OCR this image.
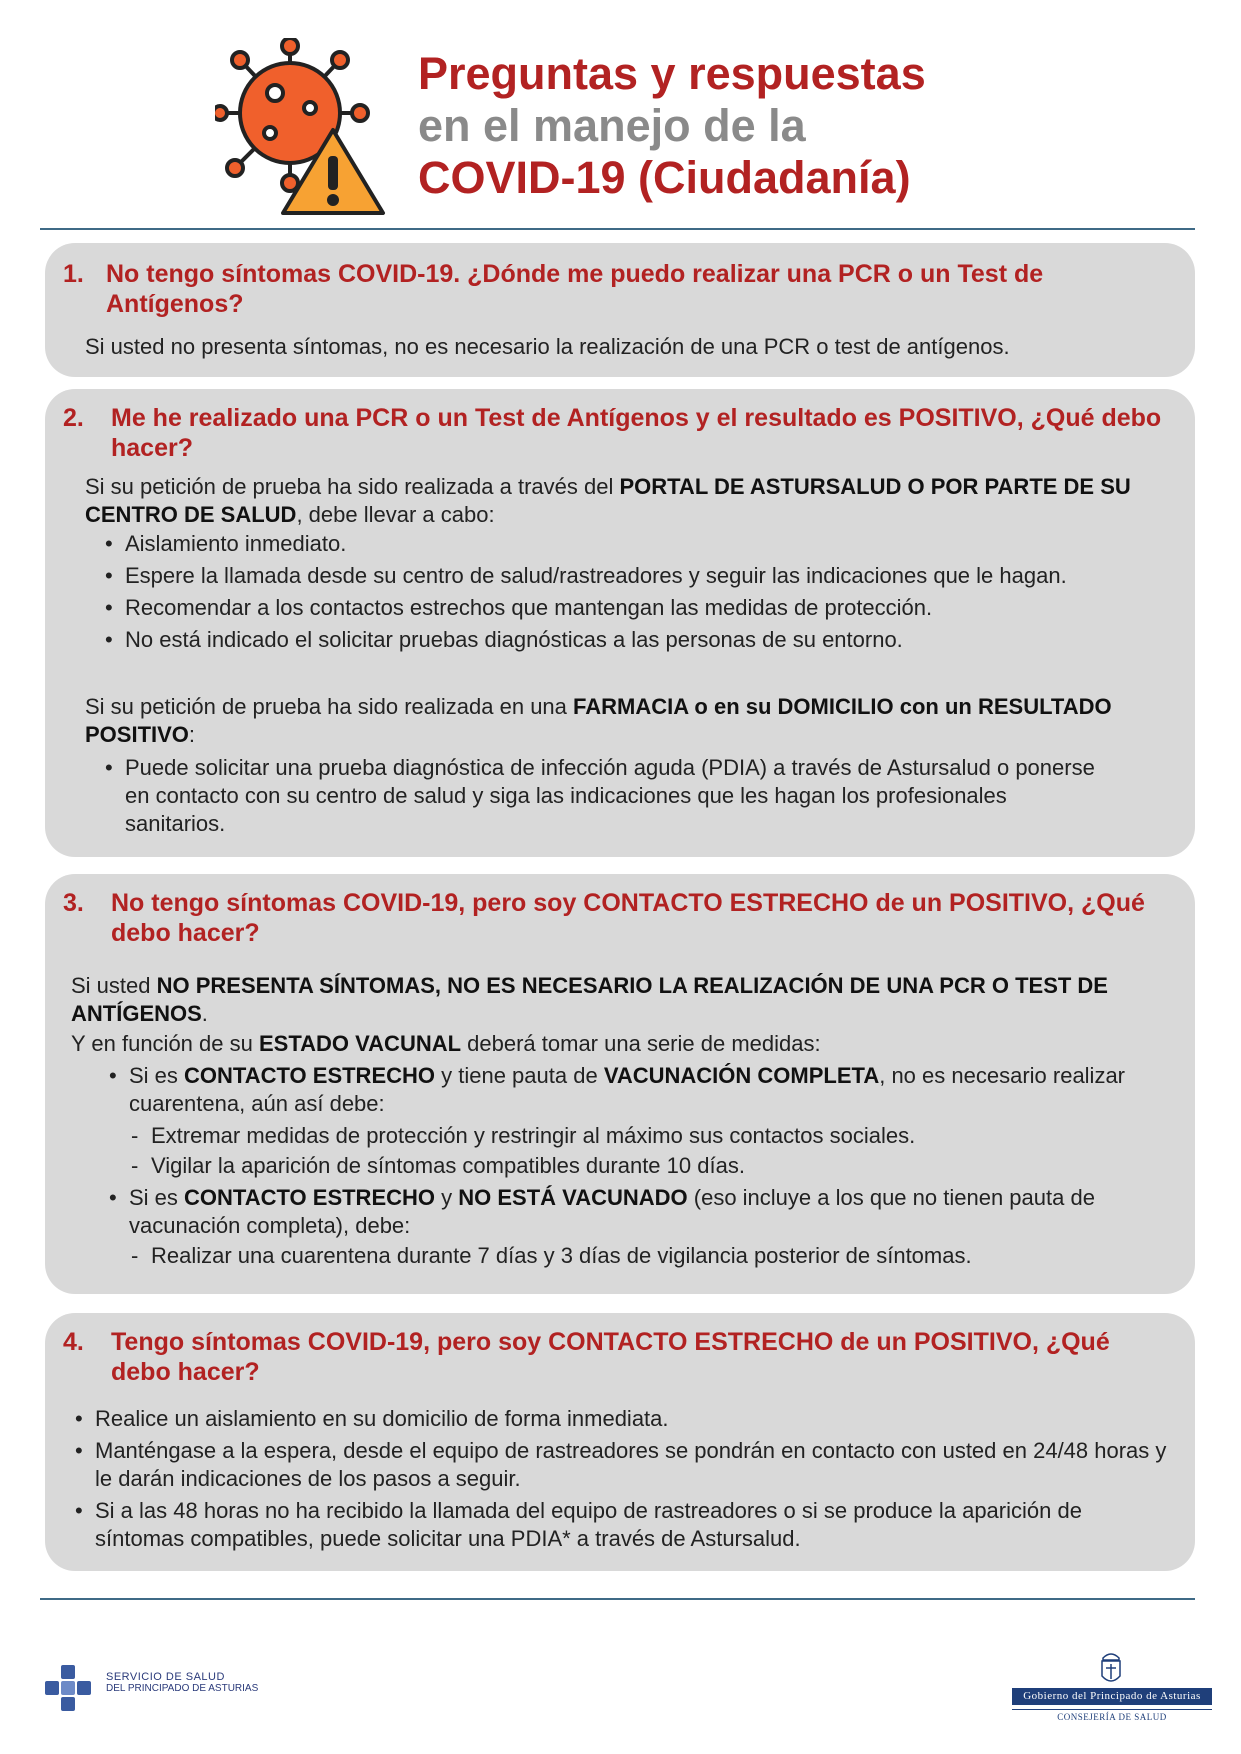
Preguntas y respuestas
en el manejo de la
COVID-19 (Ciudadanía)
1. No tengo síntomas COVID-19. ¿Dónde me puedo realizar una PCR o un Test de Antígenos?
Si usted no presenta síntomas, no es necesario la realización de una PCR o test de antígenos.
2.	Me he realizado una PCR o un Test de Antígenos y el resultado es POSITIVO, ¿Qué debo hacer?
Si su petición de prueba ha sido realizada a través del PORTAL DE ASTURSALUD O POR PARTE DE SU CENTRO DE SALUD, debe llevar a cabo:
• Aislamiento inmediato.
• Espere la llamada desde su centro de salud/rastreadores y seguir las indicaciones que le hagan.
• Recomendar a los contactos estrechos que mantengan las medidas de protección.
• No está indicado el solicitar pruebas diagnósticas a las personas de su entorno.
Si su petición de prueba ha sido realizada en una FARMACIA o en su DOMICILIO con un RESULTADO POSITIVO:
• Puede solicitar una prueba diagnóstica de infección aguda (PDIA) a través de Astursalud o ponerse en contacto con su centro de salud y siga las indicaciones que les hagan los profesionales sanitarios.
3.	No tengo síntomas COVID-19, pero soy CONTACTO ESTRECHO de un POSITIVO, ¿Qué debo hacer?
Si usted NO PRESENTA SÍNTOMAS, NO ES NECESARIO LA REALIZACIÓN DE UNA PCR O TEST DE ANTÍGENOS.
Y en función de su ESTADO VACUNAL deberá tomar una serie de medidas:
• Si es CONTACTO ESTRECHO y tiene pauta de VACUNACIÓN COMPLETA, no es necesario realizar cuarentena, aún así debe:
- Extremar medidas de protección y restringir al máximo sus contactos sociales.
- Vigilar la aparición de síntomas compatibles durante 10 días.
• Si es CONTACTO ESTRECHO y NO ESTÁ VACUNADO (eso incluye a los que no tienen pauta de vacunación completa), debe:
- Realizar una cuarentena durante 7 días y 3 días de vigilancia posterior de síntomas.
4.	Tengo síntomas COVID-19, pero soy CONTACTO ESTRECHO de un POSITIVO, ¿Qué debo hacer?
• Realice un aislamiento en su domicilio de forma inmediata.
• Manténgase a la espera, desde el equipo de rastreadores se pondrán en contacto con usted en 24/48 horas y le darán indicaciones de los pasos a seguir.
• Si a las 48 horas no ha recibido la llamada del equipo de rastreadores o si se produce la aparición de síntomas compatibles, puede solicitar una PDIA* a través de Astursalud.
SERVICIO DE SALUD
DEL PRINCIPADO DE ASTURIAS
Gobierno del Principado de Asturias
CONSEJERÍA DE SALUD
